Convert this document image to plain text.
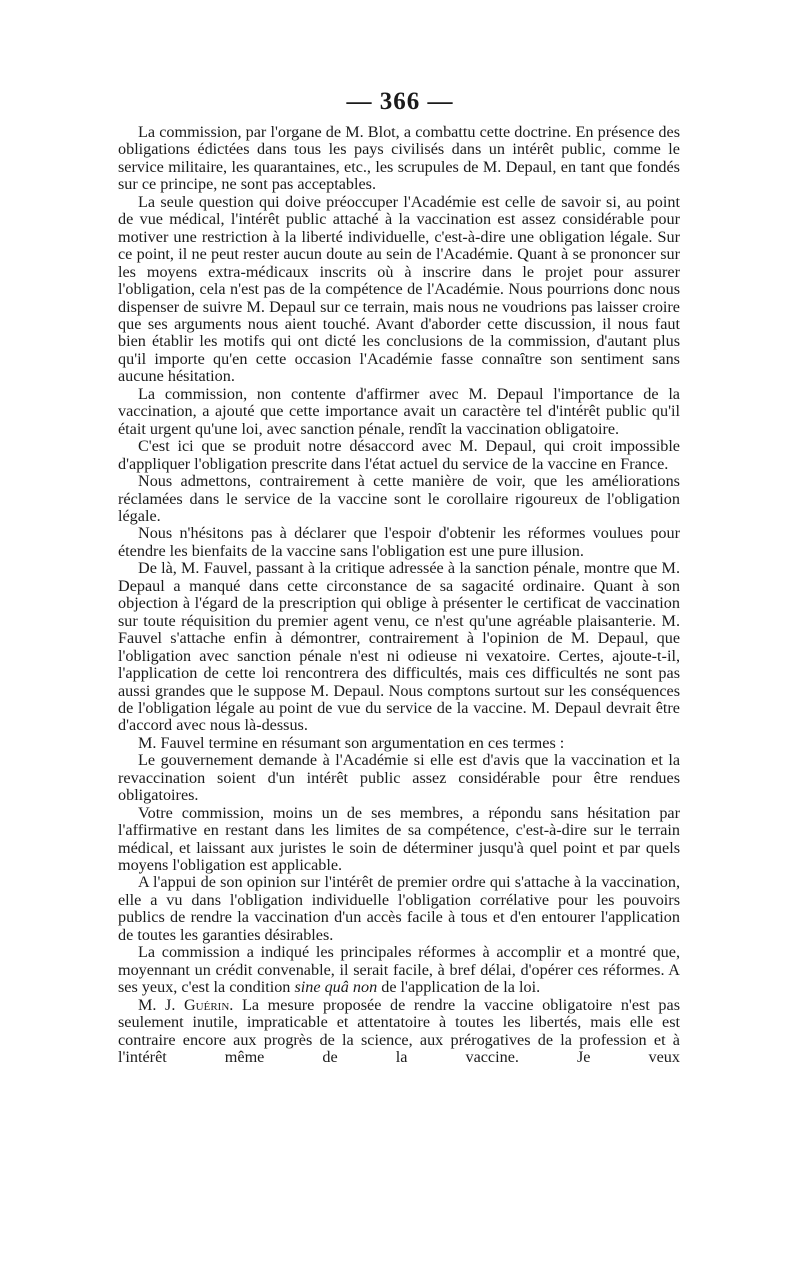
— 366 —

La commission, par l'organe de M. Blot, a combattu cette doctrine. En présence des obligations édictées dans tous les pays civilisés dans un intérêt public, comme le service militaire, les quarantaines, etc., les scrupules de M. Depaul, en tant que fondés sur ce principe, ne sont pas acceptables.

La seule question qui doive préoccuper l'Académie est celle de savoir si, au point de vue médical, l'intérêt public attaché à la vaccination est assez considérable pour motiver une restriction à la liberté individuelle, c'est-à-dire une obligation légale. Sur ce point, il ne peut rester aucun doute au sein de l'Académie. Quant à se prononcer sur les moyens extra-médicaux inscrits où à inscrire dans le projet pour assurer l'obligation, cela n'est pas de la compétence de l'Académie. Nous pourrions donc nous dispenser de suivre M. Depaul sur ce terrain, mais nous ne voudrions pas laisser croire que ses arguments nous aient touché. Avant d'aborder cette discussion, il nous faut bien établir les motifs qui ont dicté les conclusions de la commission, d'autant plus qu'il importe qu'en cette occasion l'Académie fasse connaître son sentiment sans aucune hésitation.

La commission, non contente d'affirmer avec M. Depaul l'importance de la vaccination, a ajouté que cette importance avait un caractère tel d'intérêt public qu'il était urgent qu'une loi, avec sanction pénale, rendît la vaccination obligatoire.

C'est ici que se produit notre désaccord avec M. Depaul, qui croit impossible d'appliquer l'obligation prescrite dans l'état actuel du service de la vaccine en France.

Nous admettons, contrairement à cette manière de voir, que les améliorations réclamées dans le service de la vaccine sont le corollaire rigoureux de l'obligation légale.

Nous n'hésitons pas à déclarer que l'espoir d'obtenir les réformes voulues pour étendre les bienfaits de la vaccine sans l'obligation est une pure illusion.

De là, M. Fauvel, passant à la critique adressée à la sanction pénale, montre que M. Depaul a manqué dans cette circonstance de sa sagacité ordinaire. Quant à son objection à l'égard de la prescription qui oblige à présenter le certificat de vaccination sur toute réquisition du premier agent venu, ce n'est qu'une agréable plaisanterie. M. Fauvel s'attache enfin à démontrer, contrairement à l'opinion de M. Depaul, que l'obligation avec sanction pénale n'est ni odieuse ni vexatoire. Certes, ajoute-t-il, l'application de cette loi rencontrera des difficultés, mais ces difficultés ne sont pas aussi grandes que le suppose M. Depaul. Nous comptons surtout sur les conséquences de l'obligation légale au point de vue du service de la vaccine. M. Depaul devrait être d'accord avec nous là-dessus.

M. Fauvel termine en résumant son argumentation en ces termes :

Le gouvernement demande à l'Académie si elle est d'avis que la vaccination et la revaccination soient d'un intérêt public assez considérable pour être rendues obligatoires.

Votre commission, moins un de ses membres, a répondu sans hésitation par l'affirmative en restant dans les limites de sa compétence, c'est-à-dire sur le terrain médical, et laissant aux juristes le soin de déterminer jusqu'à quel point et par quels moyens l'obligation est applicable.

A l'appui de son opinion sur l'intérêt de premier ordre qui s'attache à la vaccination, elle a vu dans l'obligation individuelle l'obligation corrélative pour les pouvoirs publics de rendre la vaccination d'un accès facile à tous et d'en entourer l'application de toutes les garanties désirables.

La commission a indiqué les principales réformes à accomplir et a montré que, moyennant un crédit convenable, il serait facile, à bref délai, d'opérer ces réformes. A ses yeux, c'est la condition sine quâ non de l'application de la loi.

M. J. Guérin. La mesure proposée de rendre la vaccine obligatoire n'est pas seulement inutile, impraticable et attentatoire à toutes les libertés, mais elle est contraire encore aux progrès de la science, aux prérogatives de la profession et à l'intérêt même de la vaccine. Je veux
